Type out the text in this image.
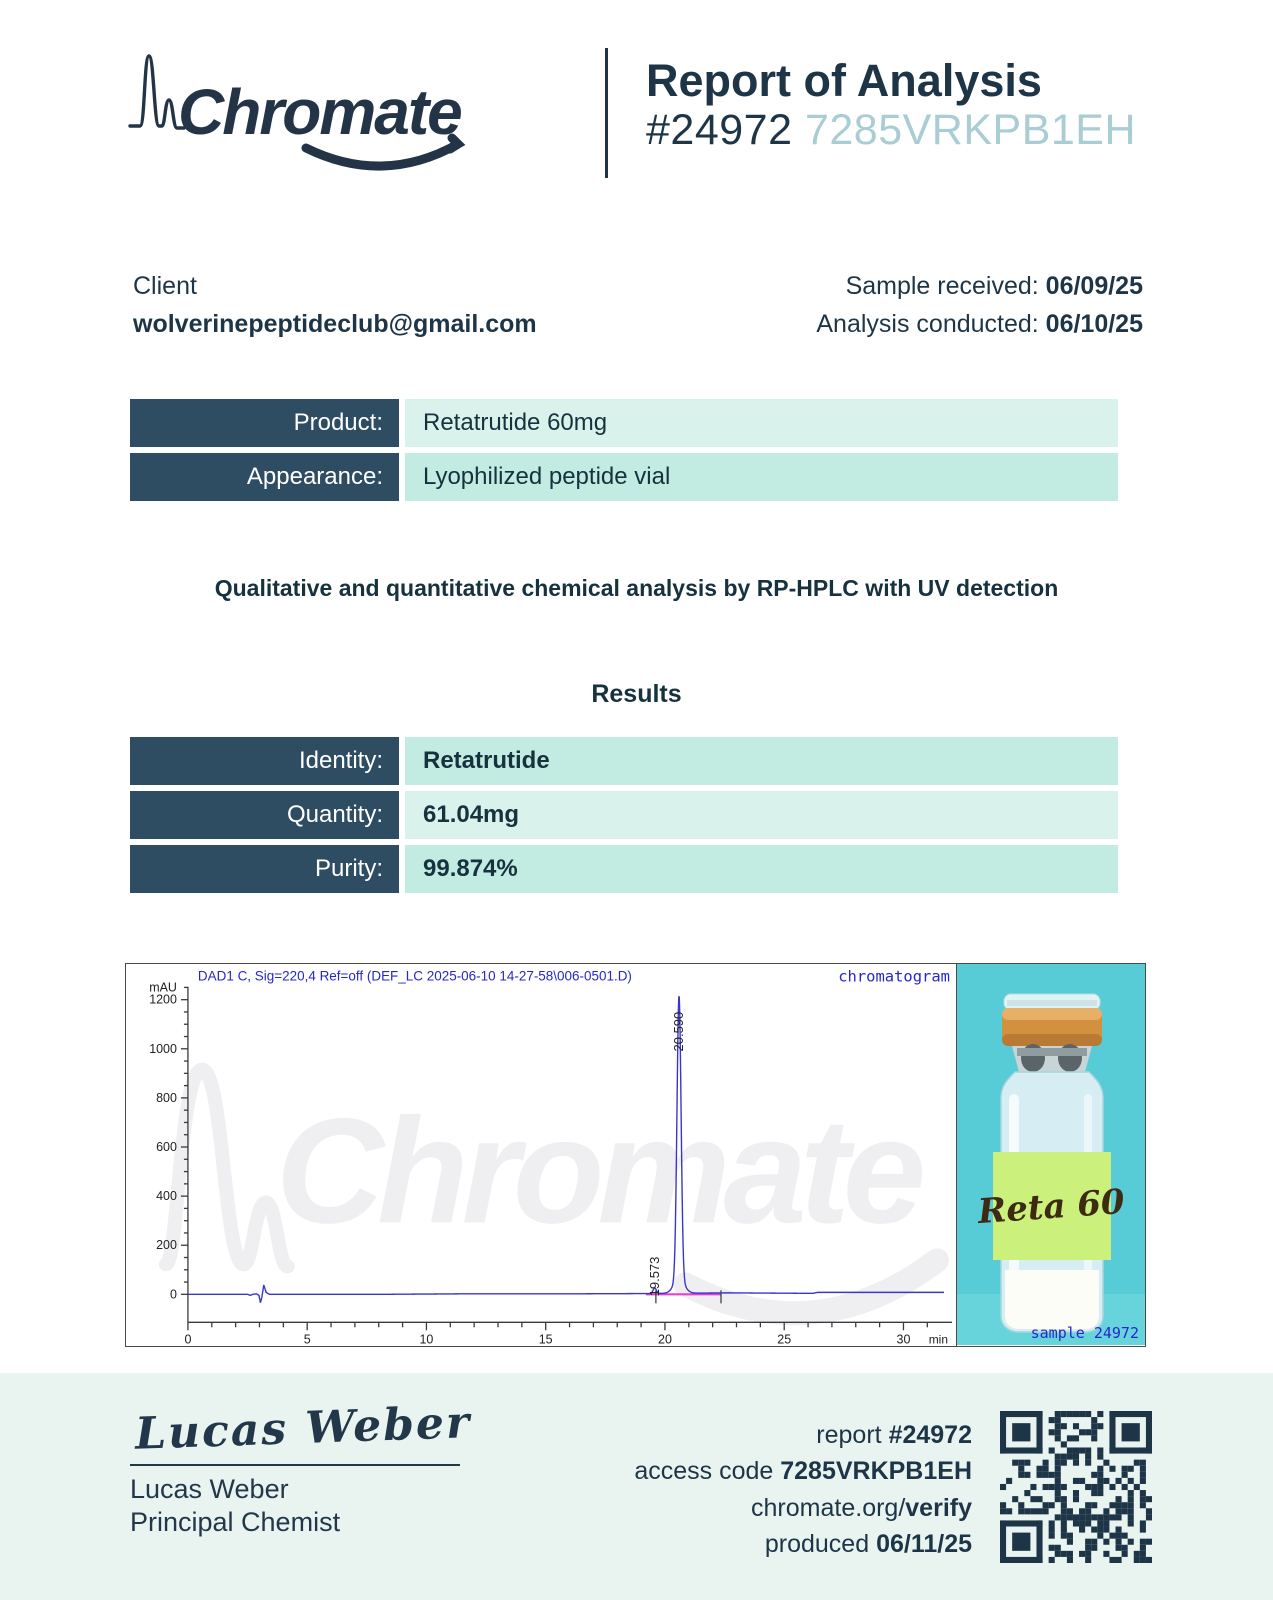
Chromate	Report of Analysis
#24972 7285VRKPB1EH
Client
wolverinepeptideclub@gmail.com
Sample received: 06/09/25
Analysis conducted: 06/10/25
Product:	Retatrutide 60mg
Appearance:	Lyophilized peptide vial
Qualitative and quantitative chemical analysis by RP-HPLC with UV detection
Results
Identity:	Retatrutide
Quantity:	61.04mg
Purity:	99.874%
Chromate
DAD1 C, Sig=220,4 Ref=off (DEF_LC 2025-06-10 14-27-58\006-0501.D)	chromatogram
0
200
400
600
800
1000
1200
mAU
0	5	10	15	20	25	30 min
19.573
20.590
Reta 60
sample 24972
Lucas Weber
Lucas Weber
Principal Chemist
report #24972
access code 7285VRKPB1EH
chromate.org/verify
produced 06/11/25
